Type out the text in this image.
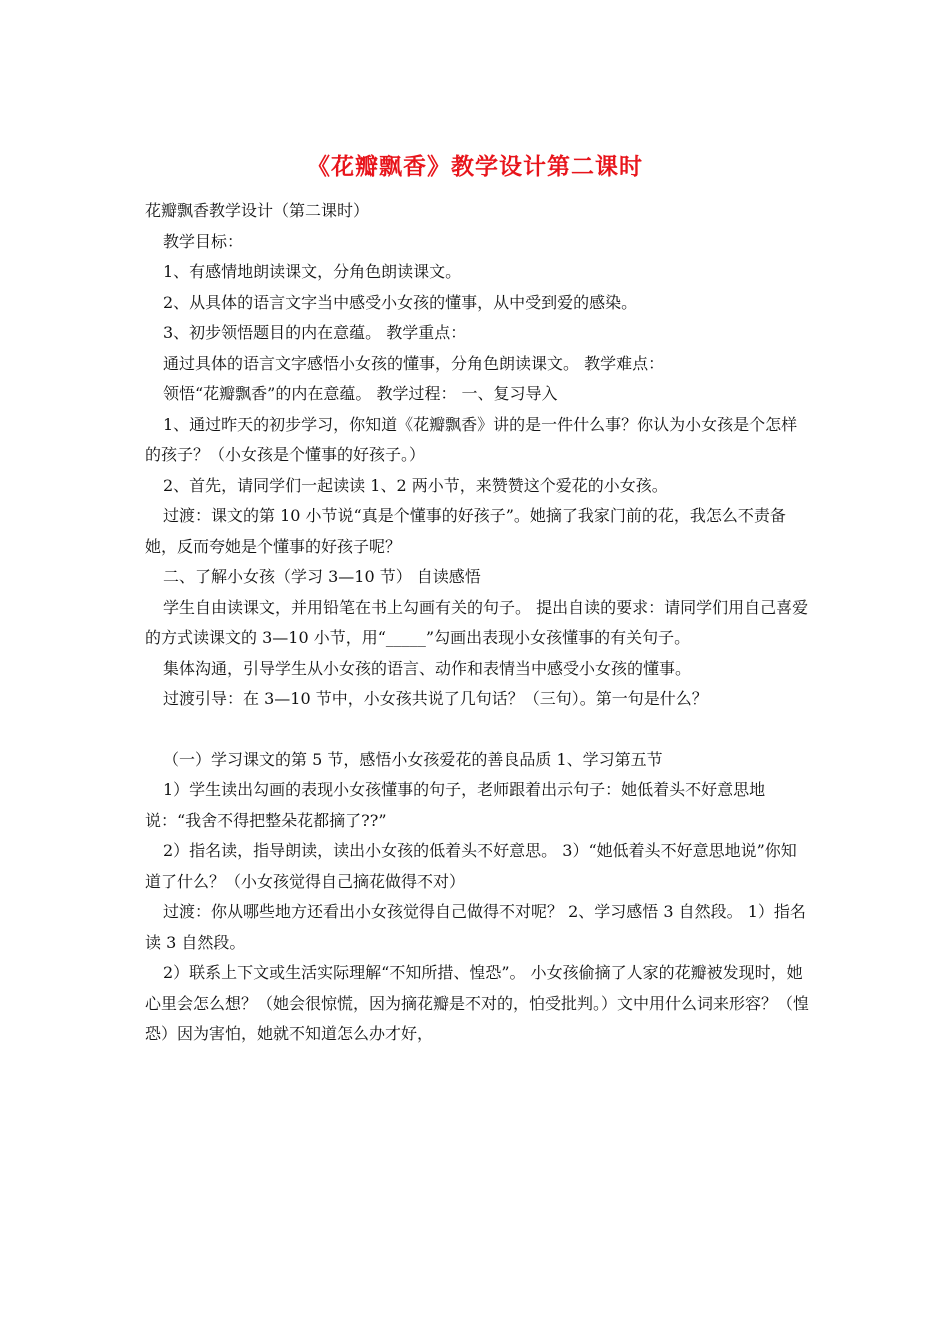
《花瓣飘香》教学设计第二课时

花瓣飘香教学设计（第二课时）

教学目标：

1、有感情地朗读课文，分角色朗读课文。

2、从具体的语言文字当中感受小女孩的懂事，从中受到爱的感染。

3、初步领悟题目的内在意蕴。 教学重点：

通过具体的语言文字感悟小女孩的懂事，分角色朗读课文。 教学难点：

领悟“花瓣飘香”的内在意蕴。 教学过程： 一、复习导入

1、通过昨天的初步学习，你知道《花瓣飘香》讲的是一件什么事？你认为小女孩是个怎样的孩子？（小女孩是个懂事的好孩子。）

2、首先，请同学们一起读读 1、2 两小节，来赞赞这个爱花的小女孩。

过渡：课文的第 10 小节说“真是个懂事的好孩子”。她摘了我家门前的花，我怎么不责备她，反而夸她是个懂事的好孩子呢？

二、了解小女孩（学习 3—10 节） 自读感悟

学生自由读课文，并用铅笔在书上勾画有关的句子。 提出自读的要求：请同学们用自己喜爱的方式读课文的 3—10 小节，用“_____”勾画出表现小女孩懂事的有关句子。

集体沟通，引导学生从小女孩的语言、动作和表情当中感受小女孩的懂事。

过渡引导：在 3—10 节中，小女孩共说了几句话？（三句）。第一句是什么？

（一）学习课文的第 5 节，感悟小女孩爱花的善良品质 1、学习第五节

1）学生读出勾画的表现小女孩懂事的句子，老师跟着出示句子：她低着头不好意思地说：“我舍不得把整朵花都摘了??”

2）指名读，指导朗读，读出小女孩的低着头不好意思。 3）“她低着头不好意思地说”你知道了什么？（小女孩觉得自己摘花做得不对）

过渡：你从哪些地方还看出小女孩觉得自己做得不对呢？ 2、学习感悟 3 自然段。 1）指名读 3 自然段。

2）联系上下文或生活实际理解“不知所措、惶恐”。 小女孩偷摘了人家的花瓣被发现时，她心里会怎么想？（她会很惊慌，因为摘花瓣是不对的，怕受批判。）文中用什么词来形容？（惶恐）因为害怕，她就不知道怎么办才好，
